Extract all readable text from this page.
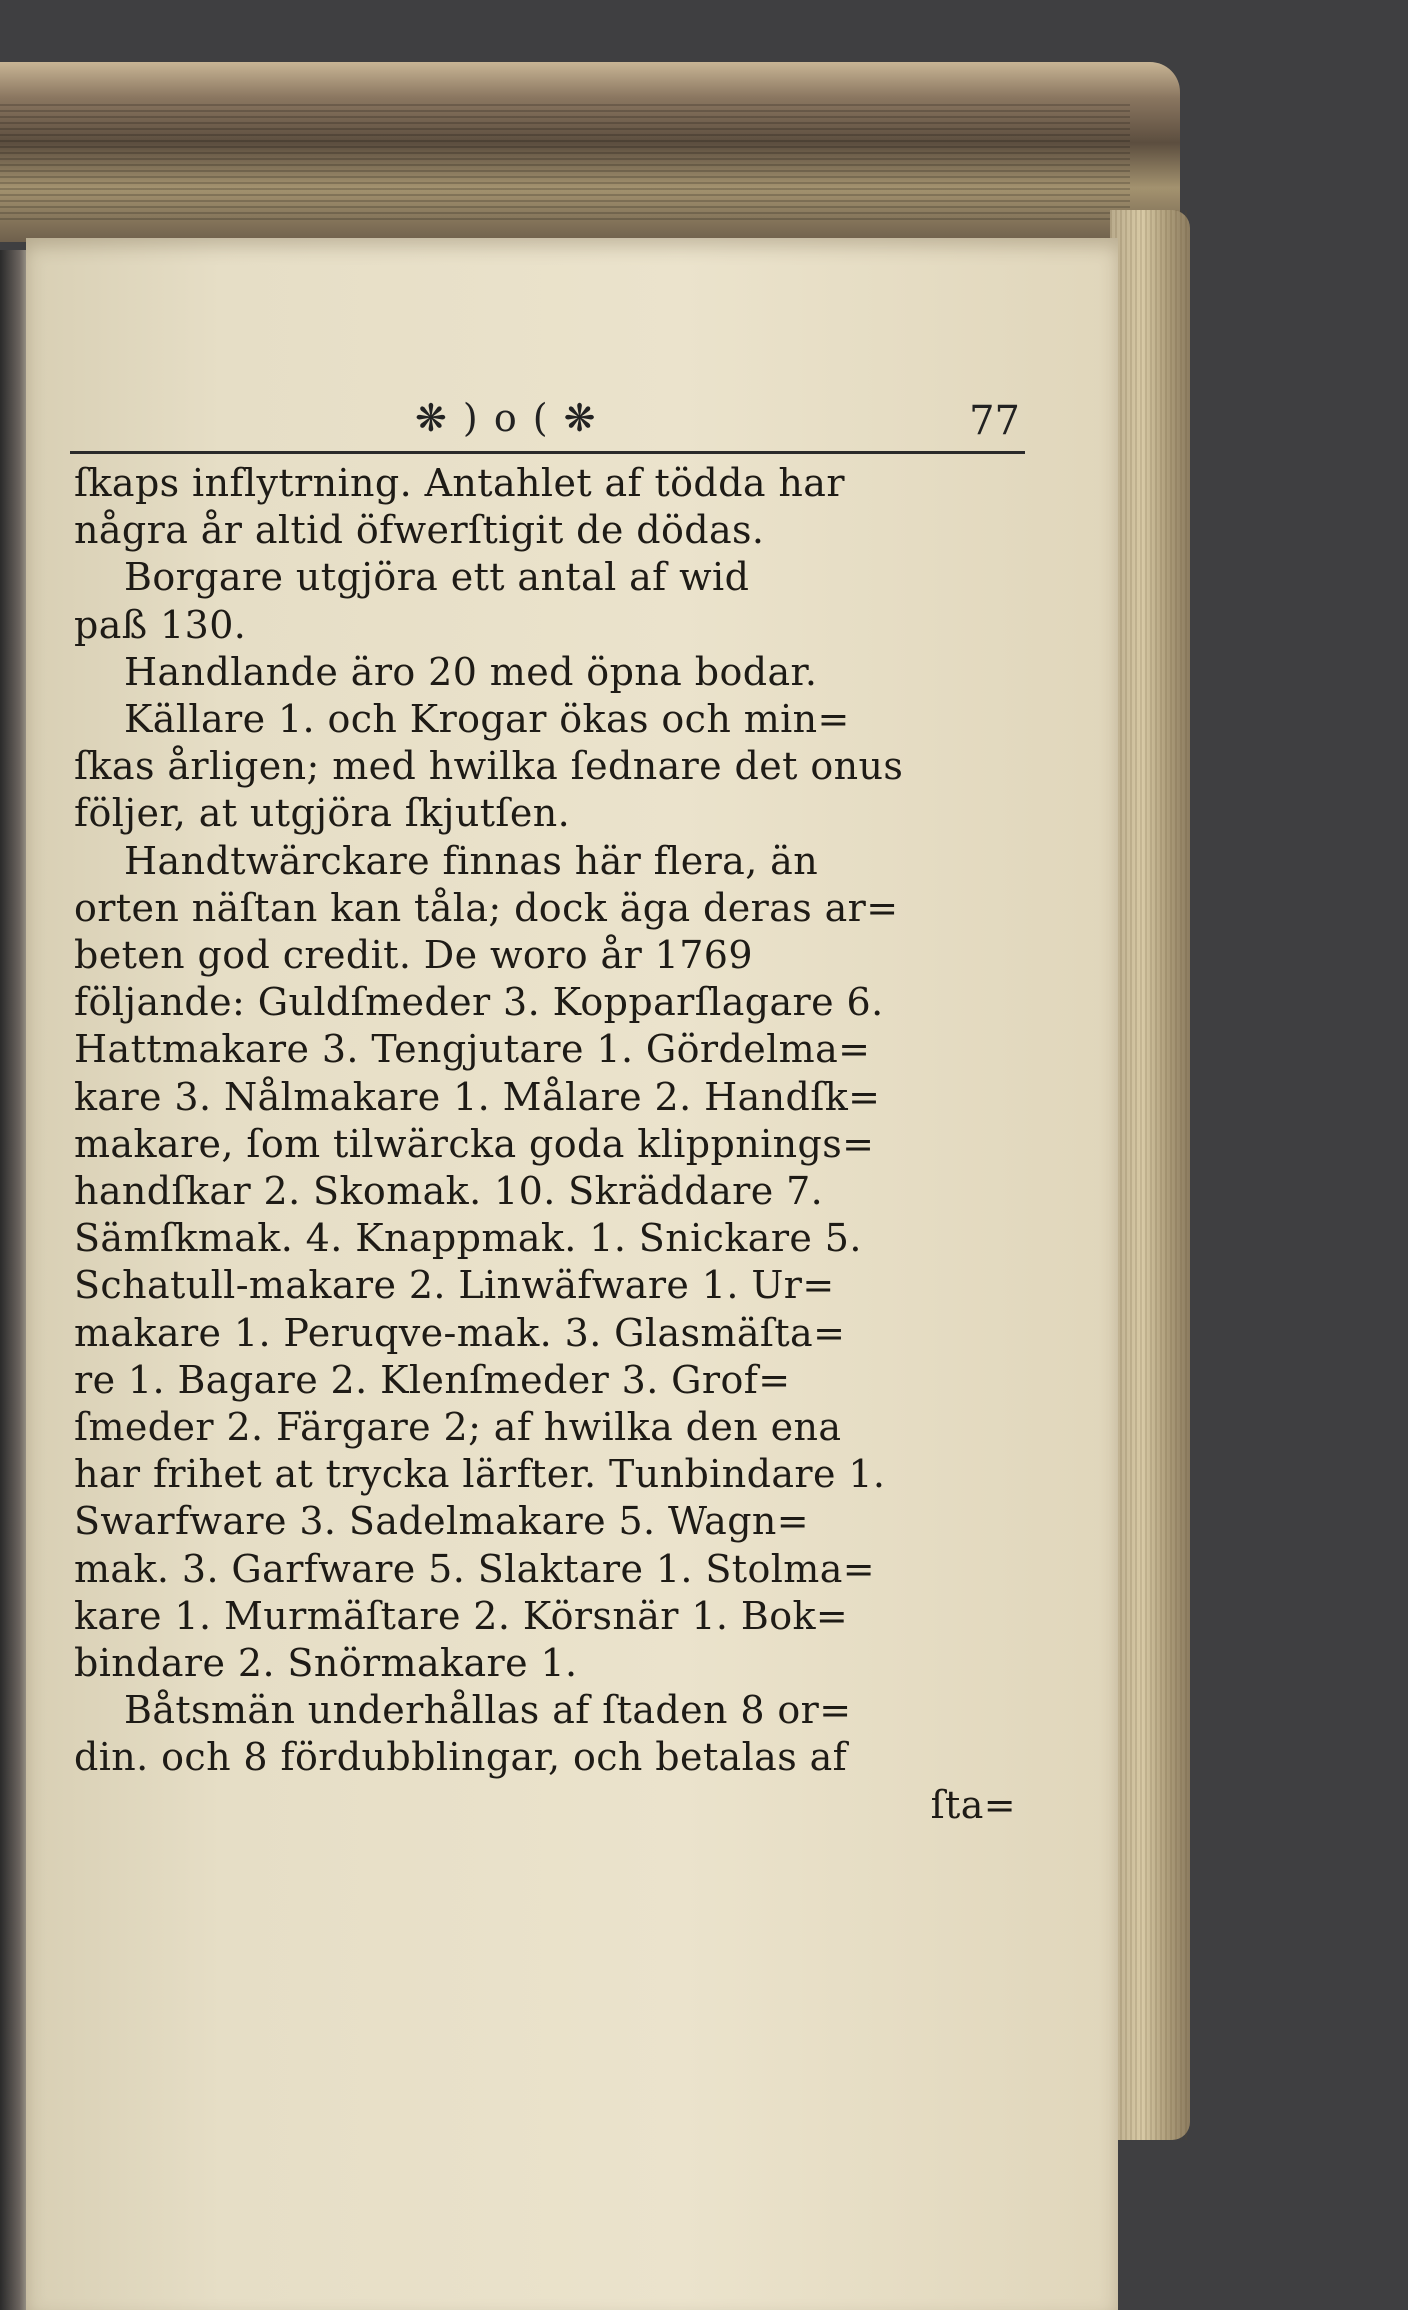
❋ ) o ( ❋	77
ſkaps inflytrning. Antahlet af tödda har
några år altid öfwerſtigit de dödas.
Borgare utgjöra ett antal af wid
paß 130.
Handlande äro 20 med öpna bodar.
Källare 1. och Krogar ökas och min=
ſkas årligen; med hwilka ſednare det onus
följer, at utgjöra ſkjutſen.
Handtwärckare finnas här flera, än
orten näſtan kan tåla; dock äga deras ar=
beten god credit. De woro år 1769
följande: Guldſmeder 3. Kopparſlagare 6.
Hattmakare 3. Tengjutare 1. Gördelma=
kare 3. Nålmakare 1. Målare 2. Handſk=
makare, ſom tilwärcka goda klippnings=
handſkar 2. Skomak. 10. Skräddare 7.
Sämſkmak. 4. Knappmak. 1. Snickare 5.
Schatull-makare 2. Linwäfware 1. Ur=
makare 1. Peruqve-mak. 3. Glasmäſta=
re 1. Bagare 2. Klenſmeder 3. Grof=
ſmeder 2. Färgare 2; af hwilka den ena
har frihet at trycka lärfter. Tunbindare 1.
Swarfware 3. Sadelmakare 5. Wagn=
mak. 3. Garfware 5. Slaktare 1. Stolma=
kare 1. Murmäſtare 2. Körsnär 1. Bok=
bindare 2. Snörmakare 1.
Båtsmän underhållas af ſtaden 8 or=
din. och 8 fördubblingar, och betalas af
ſta=
